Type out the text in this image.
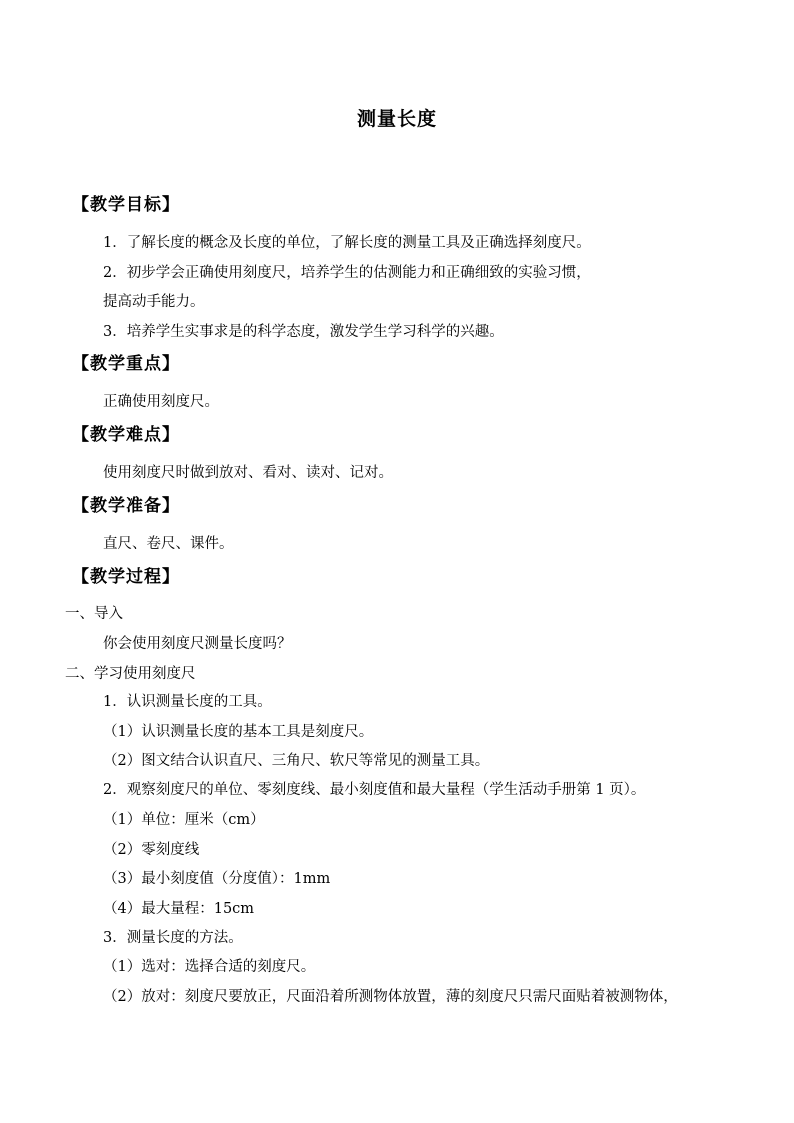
测量长度
【教学目标】
1．了解长度的概念及长度的单位，了解长度的测量工具及正确选择刻度尺。
2．初步学会正确使用刻度尺，培养学生的估测能力和正确细致的实验习惯，
提高动手能力。
3．培养学生实事求是的科学态度，激发学生学习科学的兴趣。
【教学重点】
正确使用刻度尺。
【教学难点】
使用刻度尺时做到放对、看对、读对、记对。
【教学准备】
直尺、卷尺、课件。
【教学过程】
一、导入
你会使用刻度尺测量长度吗？
二、学习使用刻度尺
1．认识测量长度的工具。
（1）认识测量长度的基本工具是刻度尺。
（2）图文结合认识直尺、三角尺、软尺等常见的测量工具。
2．观察刻度尺的单位、零刻度线、最小刻度值和最大量程（学生活动手册第 1 页）。
（1）单位：厘米（cm）
（2）零刻度线
（3）最小刻度值（分度值）：1mm
（4）最大量程：15cm
3．测量长度的方法。
（1）选对：选择合适的刻度尺。
（2）放对：刻度尺要放正，尺面沿着所测物体放置，薄的刻度尺只需尺面贴着被测物体，
